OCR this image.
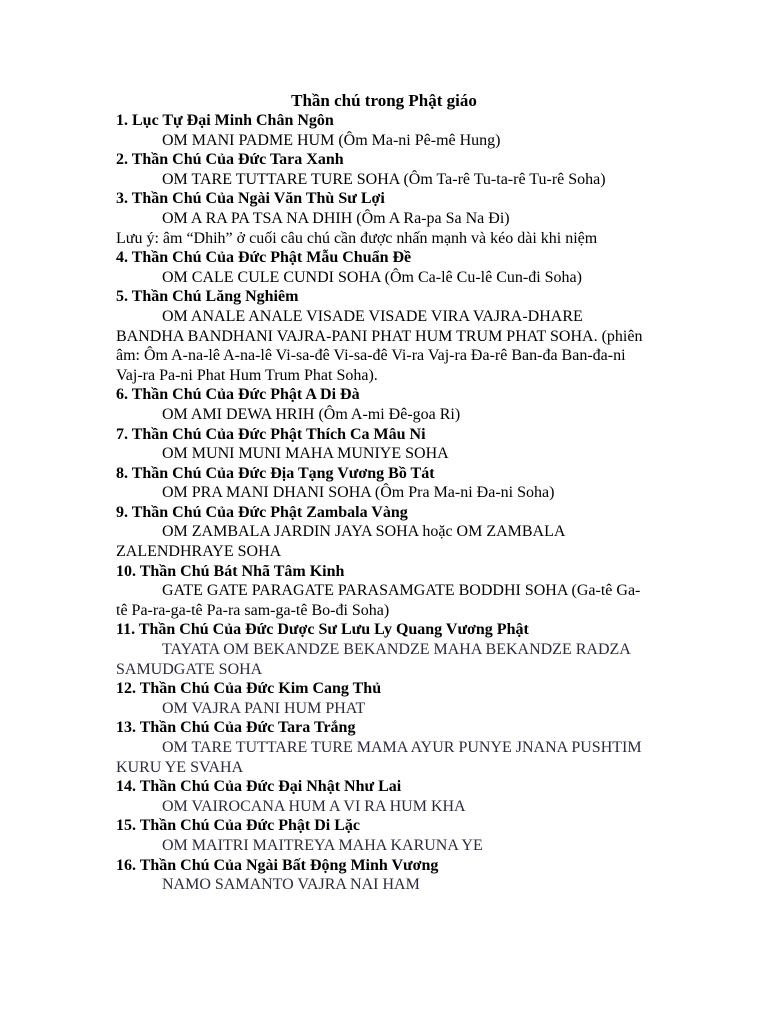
Thần chú trong Phật giáo
1. Lục Tự Đại Minh Chân Ngôn
OM MANI PADME HUM (Ôm Ma-ni Pê-mê Hung)
2. Thần Chú Của Đức Tara Xanh
OM TARE TUTTARE TURE SOHA (Ôm Ta-rê Tu-ta-rê Tu-rê Soha)
3. Thần Chú Của Ngài Văn Thù Sư Lợi
OM A RA PA TSA NA DHIH (Ôm A Ra-pa Sa Na Đi)
Lưu ý: âm “Dhih” ở cuối câu chú cần được nhấn mạnh và kéo dài khi niệm
4. Thần Chú Của Đức Phật Mẫu Chuẩn Đề
OM CALE CULE CUNDI SOHA (Ôm Ca-lê Cu-lê Cun-đi Soha)
5. Thần Chú Lăng Nghiêm
OM ANALE ANALE VISADE VISADE VIRA VAJRA-DHARE BANDHA BANDHANI VAJRA-PANI PHAT HUM TRUM PHAT SOHA. (phiên âm: Ôm A-na-lê A-na-lê Vi-sa-đê Vi-sa-đê Vi-ra Vaj-ra Đa-rê Ban-đa Ban-đa-ni Vaj-ra Pa-ni Phat Hum Trum Phat Soha).
6. Thần Chú Của Đức Phật A Di Đà
OM AMI DEWA HRIH (Ôm A-mi Đê-goa Ri)
7. Thần Chú Của Đức Phật Thích Ca Mâu Ni
OM MUNI MUNI MAHA MUNIYE SOHA
8. Thần Chú Của Đức Địa Tạng Vương Bồ Tát
OM PRA MANI DHANI SOHA (Ôm Pra Ma-ni Đa-ni Soha)
9. Thần Chú Của Đức Phật Zambala Vàng
OM ZAMBALA JARDIN JAYA SOHA hoặc OM ZAMBALA ZALENDHRAYE SOHA
10. Thần Chú Bát Nhã Tâm Kinh
GATE GATE PARAGATE PARASAMGATE BODDHI SOHA (Ga-tê Ga-tê Pa-ra-ga-tê Pa-ra sam-ga-tê Bo-đi Soha)
11. Thần Chú Của Đức Dược Sư Lưu Ly Quang Vương Phật
TAYATA OM BEKANDZE BEKANDZE MAHA BEKANDZE RADZA SAMUDGATE SOHA
12. Thần Chú Của Đức Kim Cang Thủ
OM VAJRA PANI HUM PHAT
13. Thần Chú Của Đức Tara Trắng
OM TARE TUTTARE TURE MAMA AYUR PUNYE JNANA PUSHTIM KURU YE SVAHA
14. Thần Chú Của Đức Đại Nhật Như Lai
OM VAIROCANA HUM A VI RA HUM KHA
15. Thần Chú Của Đức Phật Di Lặc
OM MAITRI MAITREYA MAHA KARUNA YE
16. Thần Chú Của Ngài Bất Động Minh Vương
NAMO SAMANTO VAJRA NAI HAM
